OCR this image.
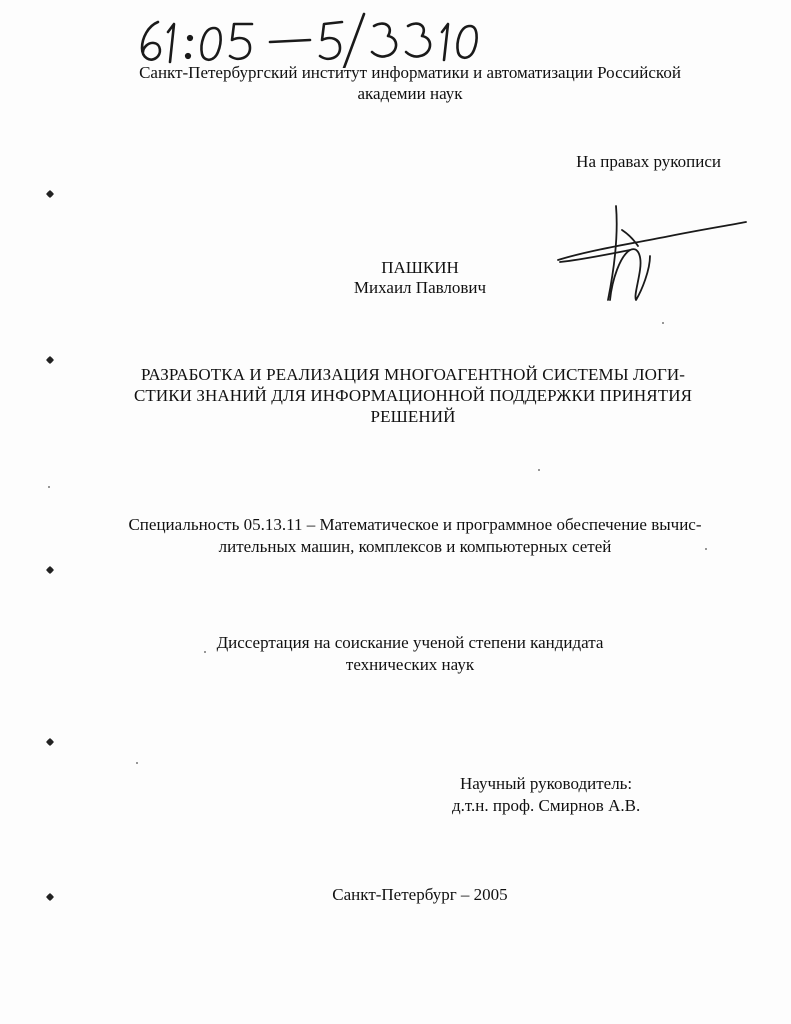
Санкт-Петербургский институт информатики и автоматизации Российской
академии наук
На правах рукописи
ПАШКИН
Михаил Павлович
РАЗРАБОТКА И РЕАЛИЗАЦИЯ МНОГОАГЕНТНОЙ СИСТЕМЫ ЛОГИ-
СТИКИ ЗНАНИЙ ДЛЯ ИНФОРМАЦИОННОЙ ПОДДЕРЖКИ ПРИНЯТИЯ
РЕШЕНИЙ
Специальность 05.13.11 – Математическое и программное обеспечение вычис-
лительных машин, комплексов и компьютерных сетей
Диссертация на соискание ученой степени кандидата
технических наук
Научный руководитель:
д.т.н. проф. Смирнов А.В.
Санкт-Петербург – 2005
